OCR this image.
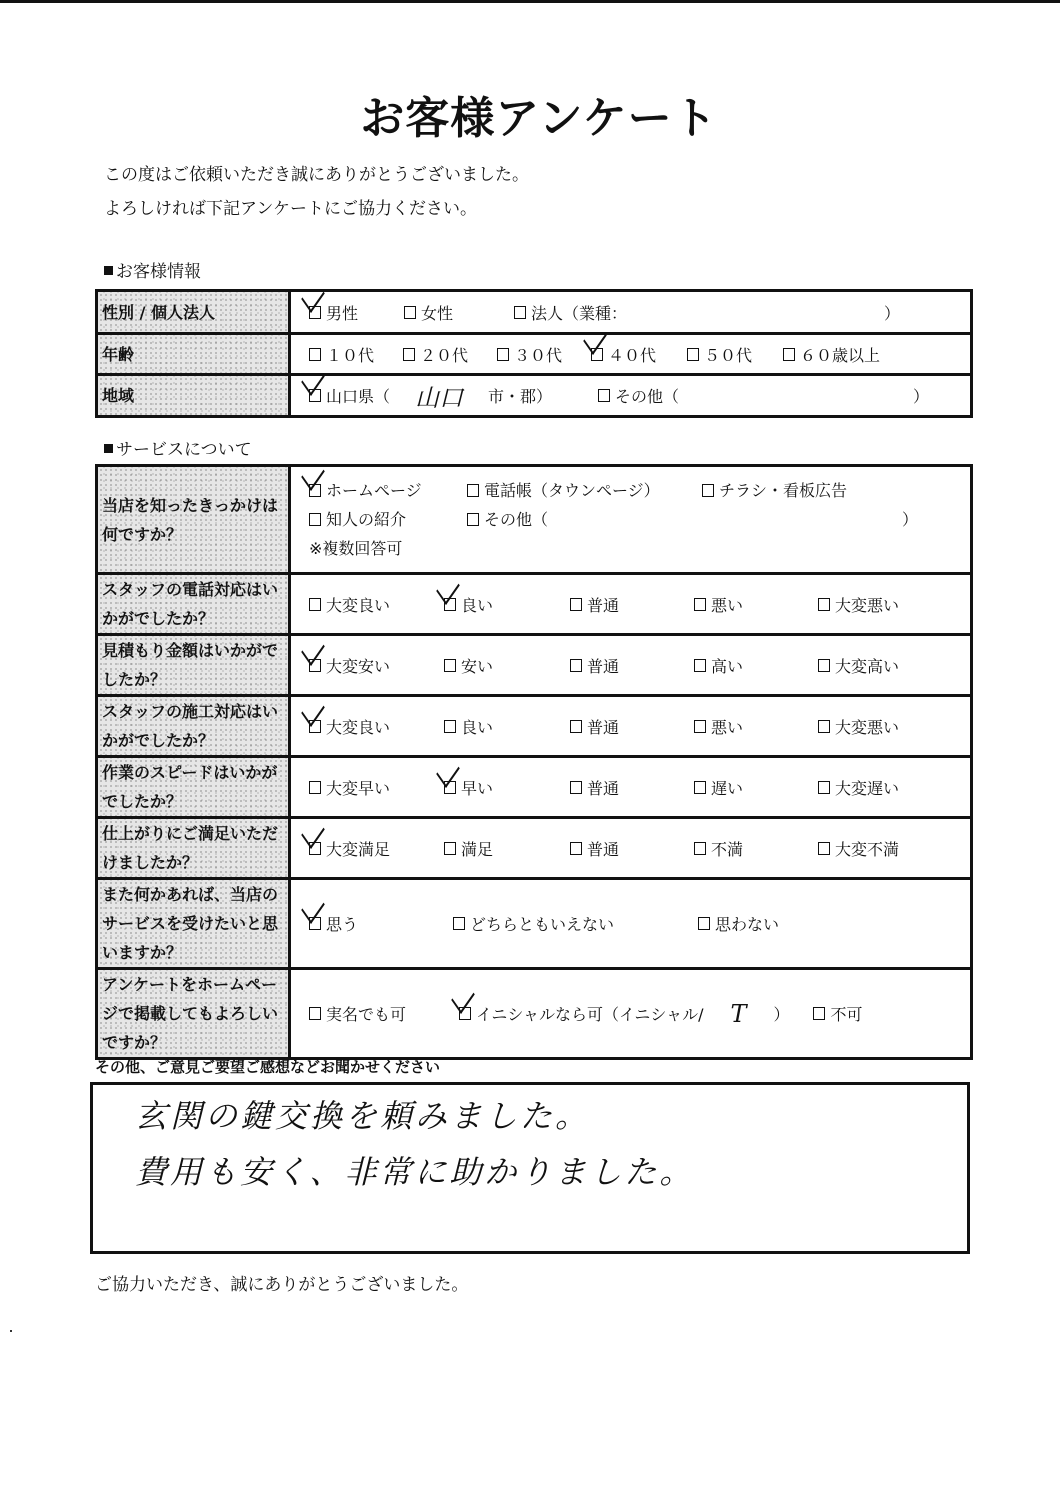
お客様アンケート
この度はご依頼いただき誠にありがとうございました。
よろしければ下記アンケートにご協力ください。
お客様情報
性別 / 個人法人	男性 女性 法人（業種： ）

年齢	１０代	２０代	３０代	４０代	５０代	６０歳以上

地域	山口県（ 山口 市・郡） その他（ ）
サービスについて
当店を知ったきっかけは何ですか？	
ホームページ	電話帳（タウンページ）	チラシ・看板広告
知人の紹介	その他（	）
※複数回答可

スタッフの電話対応はいかがでしたか？	大変良い 良い 普通 悪い 大変悪い

見積もり金額はいかがでしたか？	大変安い 安い 普通 高い 大変高い

スタッフの施工対応はいかがでしたか？	大変良い 良い 普通 悪い 大変悪い

作業のスピードはいかがでしたか？	大変早い 早い 普通 遅い 大変遅い

仕上がりにご満足いただけましたか？	大変満足 満足 普通 不満 大変不満

また何かあれば、当店のサービスを受けたいと思いますか？	思う どちらともいえない 思わない

アンケートをホームページで掲載してもよろしいですか？	実名でも可 イニシャルなら可（イニシャル/ T ） 不可
その他、ご意見ご要望ご感想などお聞かせください
玄関の鍵交換を頼みました。
費用も安く、非常に助かりました。
ご協力いただき、誠にありがとうございました。
